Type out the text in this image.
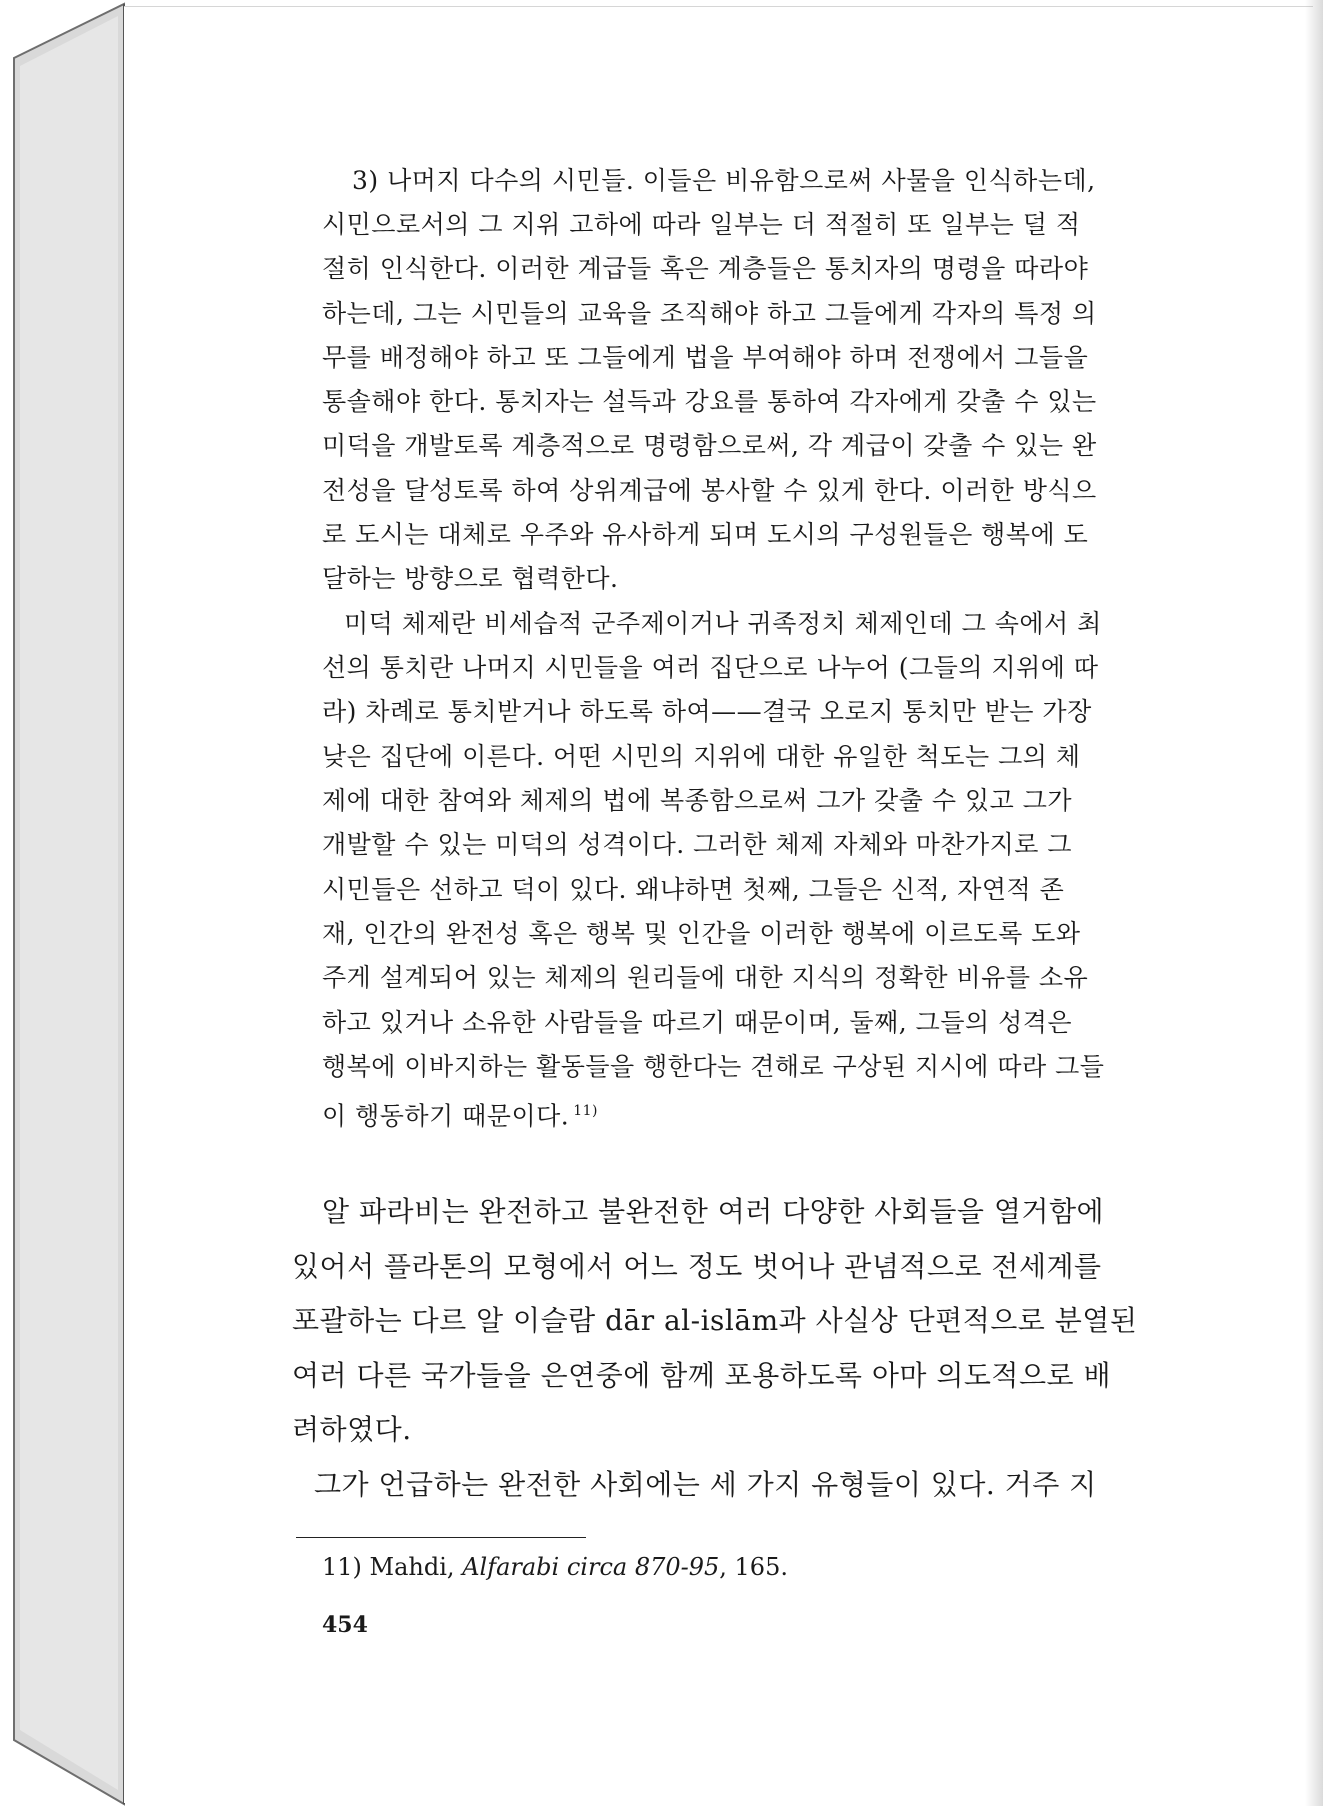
3) 나머지 다수의 시민들. 이들은 비유함으로써 사물을 인식하는데,
시민으로서의 그 지위 고하에 따라 일부는 더 적절히 또 일부는 덜 적
절히 인식한다. 이러한 계급들 혹은 계층들은 통치자의 명령을 따라야
하는데, 그는 시민들의 교육을 조직해야 하고 그들에게 각자의 특정 의
무를 배정해야 하고 또 그들에게 법을 부여해야 하며 전쟁에서 그들을
통솔해야 한다. 통치자는 설득과 강요를 통하여 각자에게 갖출 수 있는
미덕을 개발토록 계층적으로 명령함으로써, 각 계급이 갖출 수 있는 완
전성을 달성토록 하여 상위계급에 봉사할 수 있게 한다. 이러한 방식으
로 도시는 대체로 우주와 유사하게 되며 도시의 구성원들은 행복에 도
달하는 방향으로 협력한다.
미덕 체제란 비세습적 군주제이거나 귀족정치 체제인데 그 속에서 최
선의 통치란 나머지 시민들을 여러 집단으로 나누어 (그들의 지위에 따
라) 차례로 통치받거나 하도록 하여——결국 오로지 통치만 받는 가장
낮은 집단에 이른다. 어떤 시민의 지위에 대한 유일한 척도는 그의 체
제에 대한 참여와 체제의 법에 복종함으로써 그가 갖출 수 있고 그가
개발할 수 있는 미덕의 성격이다. 그러한 체제 자체와 마찬가지로 그
시민들은 선하고 덕이 있다. 왜냐하면 첫째, 그들은 신적, 자연적 존
재, 인간의 완전성 혹은 행복 및 인간을 이러한 행복에 이르도록 도와
주게 설계되어 있는 체제의 원리들에 대한 지식의 정확한 비유를 소유
하고 있거나 소유한 사람들을 따르기 때문이며, 둘째, 그들의 성격은
행복에 이바지하는 활동들을 행한다는 견해로 구상된 지시에 따라 그들
이 행동하기 때문이다. $^{11)}$
알 파라비는 완전하고 불완전한 여러 다양한 사회들을 열거함에
있어서 플라톤의 모형에서 어느 정도 벗어나 관념적으로 전세계를
포괄하는 다르 알 이슬람 dār al-islām과 사실상 단편적으로 분열된
여러 다른 국가들을 은연중에 함께 포용하도록 아마 의도적으로 배
려하였다.
그가 언급하는 완전한 사회에는 세 가지 유형들이 있다. 거주 지
11) Mahdi, Alfarabi circa 870-95, 165.
454
